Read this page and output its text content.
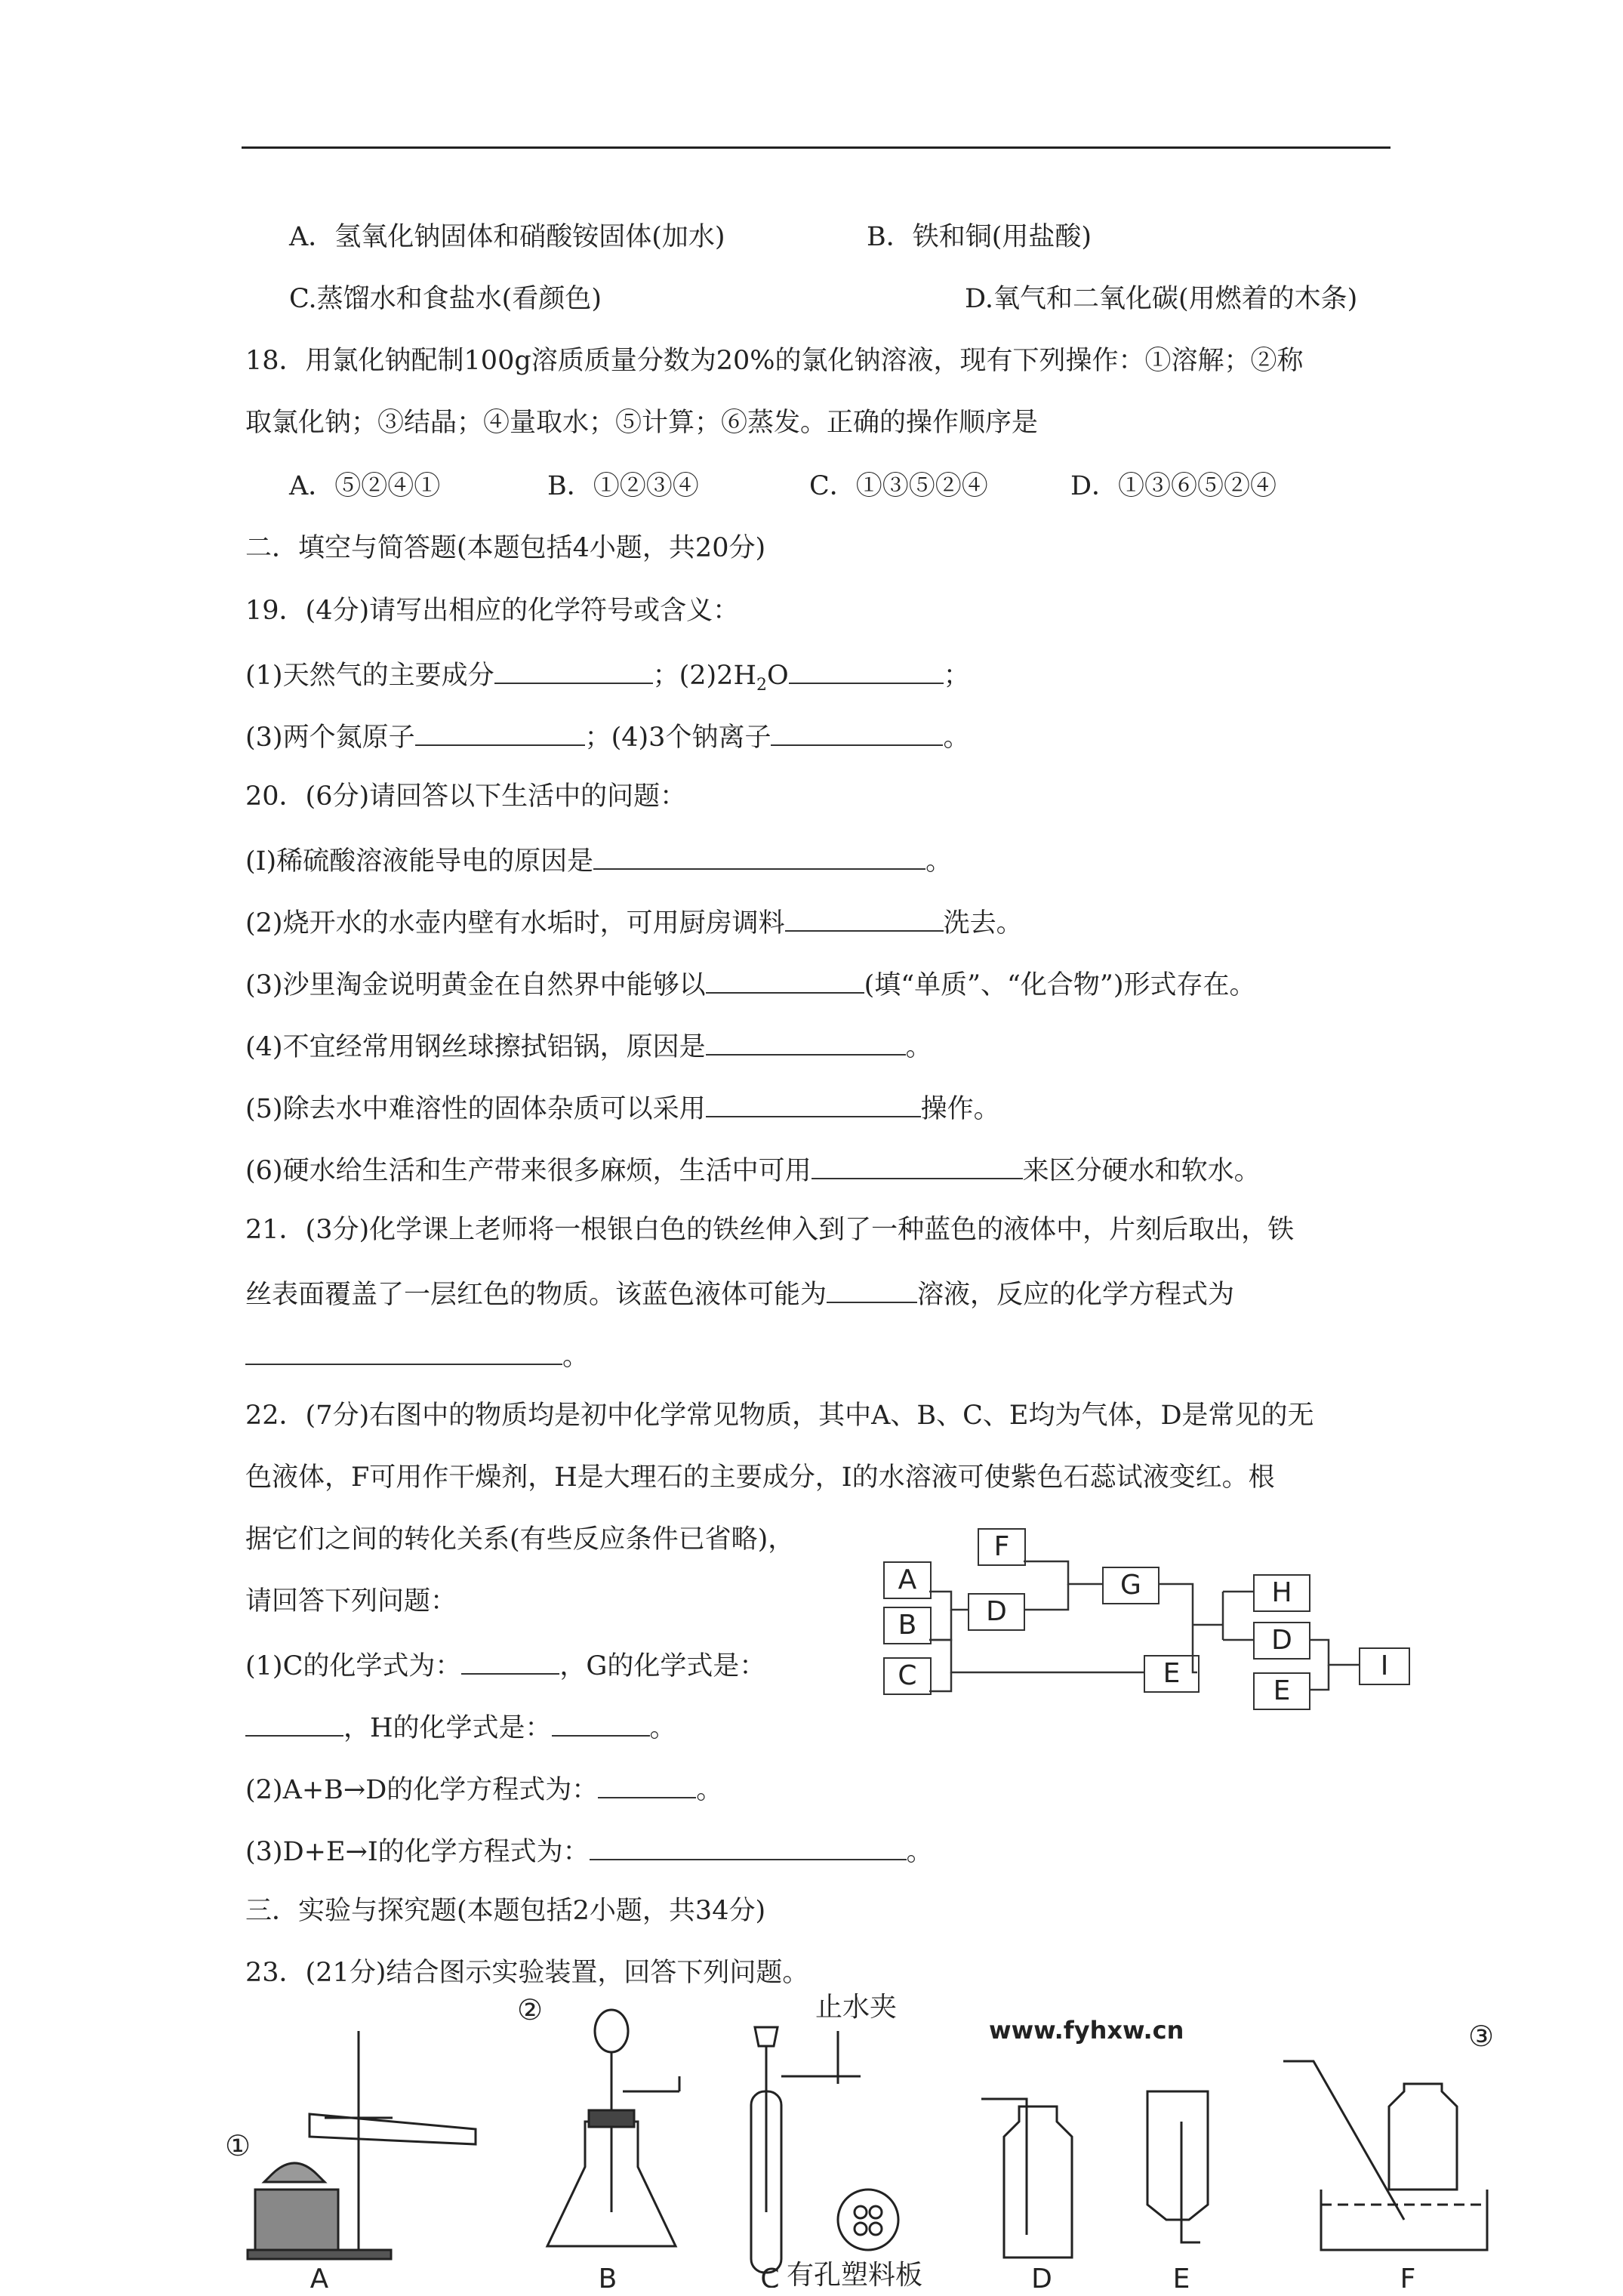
A．氢氧化钠固体和硝酸铵固体(加水)	B．铁和铜(用盐酸)
C.蒸馏水和食盐水(看颜色)	D.氧气和二氧化碳(用燃着的木条)
18．用氯化钠配制100g溶质质量分数为20%的氯化钠溶液，现有下列操作：①溶解；②称
取氯化钠；③结晶；④量取水；⑤计算；⑥蒸发。正确的操作顺序是
A．⑤②④①	B．①②③④	C．①③⑤②④	D．①③⑥⑤②④
二．填空与简答题(本题包括4小题，共20分)
19．(4分)请写出相应的化学符号或含义：
(1)天然气的主要成分	；$(2)2H_2O$	；
(3)两个氮原子	；(4)3个钠离子	。
20．(6分)请回答以下生活中的问题：
(I)稀硫酸溶液能导电的原因是	。
(2)烧开水的水壶内壁有水垢时，可用厨房调料	洗去。
(3)沙里淘金说明黄金在自然界中能够以	(填“单质”、“化合物”)形式存在。
(4)不宜经常用钢丝球擦拭铝锅，原因是	。
(5)除去水中难溶性的固体杂质可以采用	操作。
(6)硬水给生活和生产带来很多麻烦，生活中可用	来区分硬水和软水。
21．(3分)化学课上老师将一根银白色的铁丝伸入到了一种蓝色的液体中，片刻后取出，铁
丝表面覆盖了一层红色的物质。该蓝色液体可能为	溶液，反应的化学方程式为
。
22．(7分)右图中的物质均是初中化学常见物质，其中A、B、C、E均为气体，D是常见的无
色液体，F可用作干燥剂，H是大理石的主要成分，I的水溶液可使紫色石蕊试液变红。根
据它们之间的转化关系(有些反应条件已省略)，
请回答下列问题：
(1)C的化学式为：	，G的化学式是：
，H的化学式是：	。
(2)A+B→D的化学方程式为：	。
(3)D+E→I的化学方程式为：	。
A
B
C
F
D
G
E
H
D
E
I
三．实验与探究题(本题包括2小题，共34分)
23．(21分)结合图示实验装置，回答下列问题。
A	B	C	D	E	F
①
②
③
止水夹
有孔塑料板
www.fyhxw.cn
